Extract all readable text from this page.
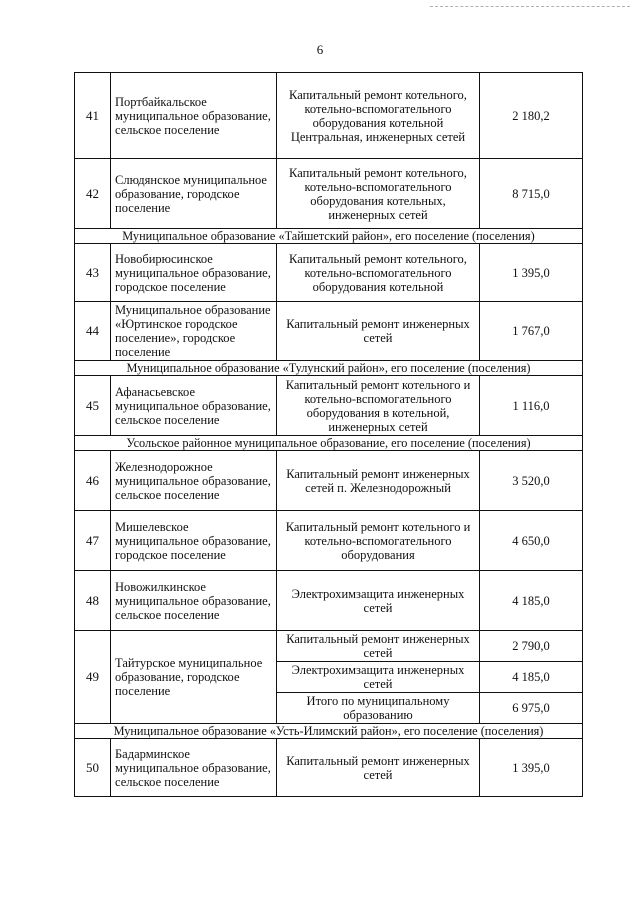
6
41	Портбайкальское муниципальное образование, сельское поселение	Капитальный ремонт котельного, котельно-вспомогательного оборудования котельной Центральная, инженерных сетей	2 180,2
42	Слюдянское муниципальное образование, городское поселение	Капитальный ремонт котельного, котельно-вспомогательного оборудования котельных, инженерных сетей	8 715,0
Муниципальное образование «Тайшетский район», его поселение (поселения)			
43	Новобирюсинское муниципальное образование, городское поселение	Капитальный ремонт котельного, котельно-вспомогательного оборудования котельной	1 395,0
44	Муниципальное образование «Юртинское городское поселение», городское поселение	Капитальный ремонт инженерных сетей	1 767,0
Муниципальное образование «Тулунский район», его поселение (поселения)			
45	Афанасьевское муниципальное образование, сельское поселение	Капитальный ремонт котельного и котельно-вспомогательного оборудования в котельной, инженерных сетей	1 116,0
Усольское районное муниципальное образование, его поселение (поселения)			
46	Железнодорожное муниципальное образование, сельское поселение	Капитальный ремонт инженерных сетей п. Железнодорожный	3 520,0
47	Мишелевское муниципальное образование, городское поселение	Капитальный ремонт котельного и котельно-вспомогательного оборудования	4 650,0
48	Новожилкинское муниципальное образование, сельское поселение	Электрохимзащита инженерных сетей	4 185,0
49	Тайтурское муниципальное образование, городское поселение	Капитальный ремонт инженерных сетей	2 790,0
		Электрохимзащита инженерных сетей	4 185,0
		Итого по муниципальному образованию	6 975,0
Муниципальное образование «Усть-Илимский район», его поселение (поселения)			
50	Бадарминское муниципальное образование, сельское поселение	Капитальный ремонт инженерных сетей	1 395,0
